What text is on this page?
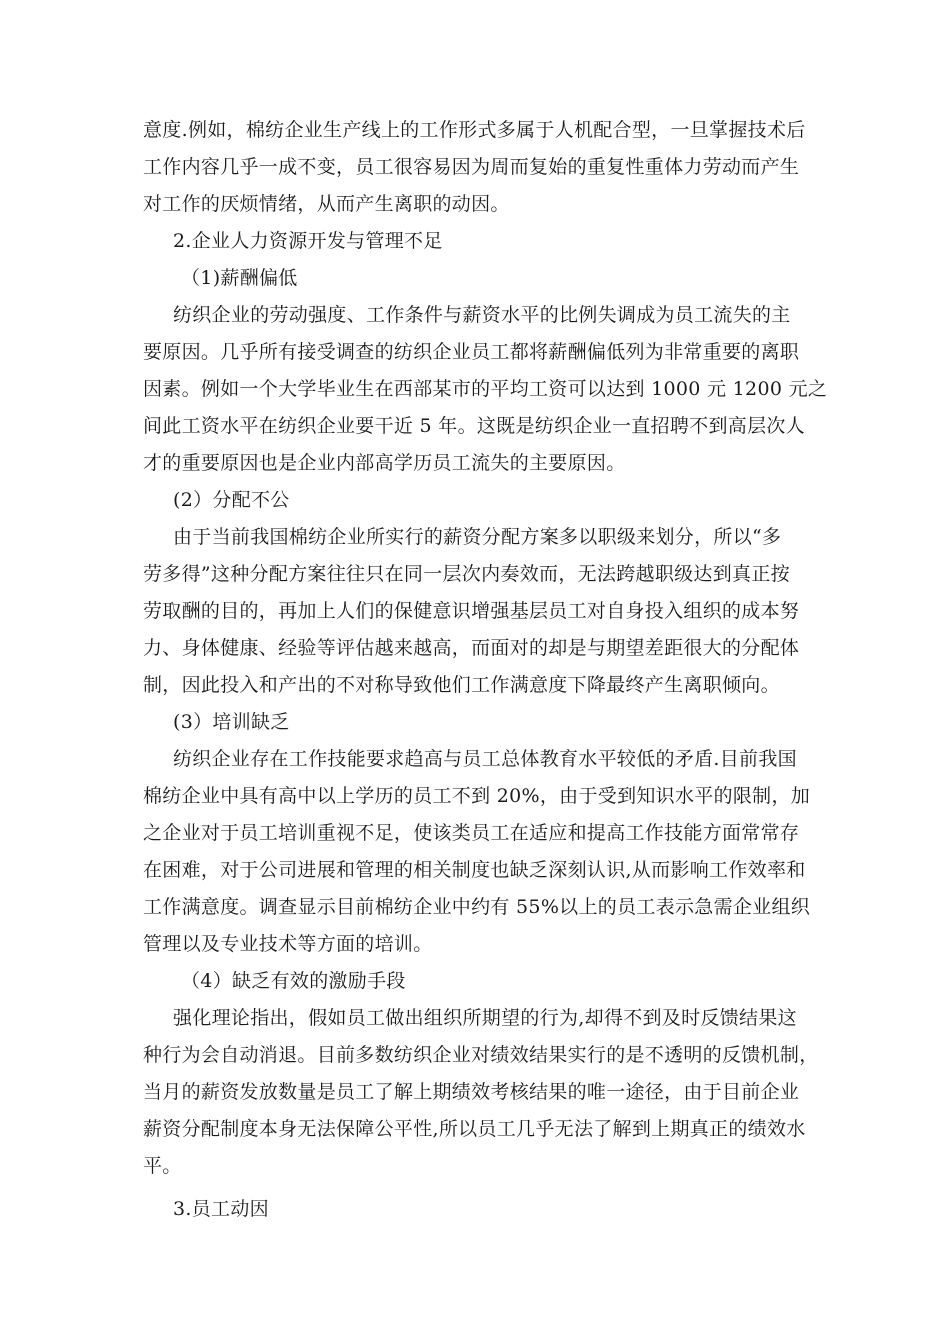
意度.例如，棉纺企业生产线上的工作形式多属于人机配合型，一旦掌握技术后
工作内容几乎一成不变，员工很容易因为周而复始的重复性重体力劳动而产生
对工作的厌烦情绪，从而产生离职的动因。
2.企业人力资源开发与管理不足
（1)薪酬偏低
纺织企业的劳动强度、工作条件与薪资水平的比例失调成为员工流失的主
要原因。几乎所有接受调查的纺织企业员工都将薪酬偏低列为非常重要的离职
因素。例如一个大学毕业生在西部某市的平均工资可以达到 1000 元 1200 元之
间此工资水平在纺织企业要干近 5 年。这既是纺织企业一直招聘不到高层次人
才的重要原因也是企业内部高学历员工流失的主要原因。
(2）分配不公
由于当前我国棉纺企业所实行的薪资分配方案多以职级来划分，所以“多
劳多得”这种分配方案往往只在同一层次内奏效而，无法跨越职级达到真正按
劳取酬的目的，再加上人们的保健意识增强基层员工对自身投入组织的成本努
力、身体健康、经验等评估越来越高，而面对的却是与期望差距很大的分配体
制，因此投入和产出的不对称导致他们工作满意度下降最终产生离职倾向。
(3）培训缺乏
纺织企业存在工作技能要求趋高与员工总体教育水平较低的矛盾.目前我国
棉纺企业中具有高中以上学历的员工不到 20%，由于受到知识水平的限制，加
之企业对于员工培训重视不足，使该类员工在适应和提高工作技能方面常常存
在困难，对于公司进展和管理的相关制度也缺乏深刻认识,从而影响工作效率和
工作满意度。调查显示目前棉纺企业中约有 55%以上的员工表示急需企业组织
管理以及专业技术等方面的培训。
（4）缺乏有效的激励手段
强化理论指出，假如员工做出组织所期望的行为,却得不到及时反馈结果这
种行为会自动消退。目前多数纺织企业对绩效结果实行的是不透明的反馈机制，
当月的薪资发放数量是员工了解上期绩效考核结果的唯一途径，由于目前企业
薪资分配制度本身无法保障公平性,所以员工几乎无法了解到上期真正的绩效水
平。
3.员工动因
